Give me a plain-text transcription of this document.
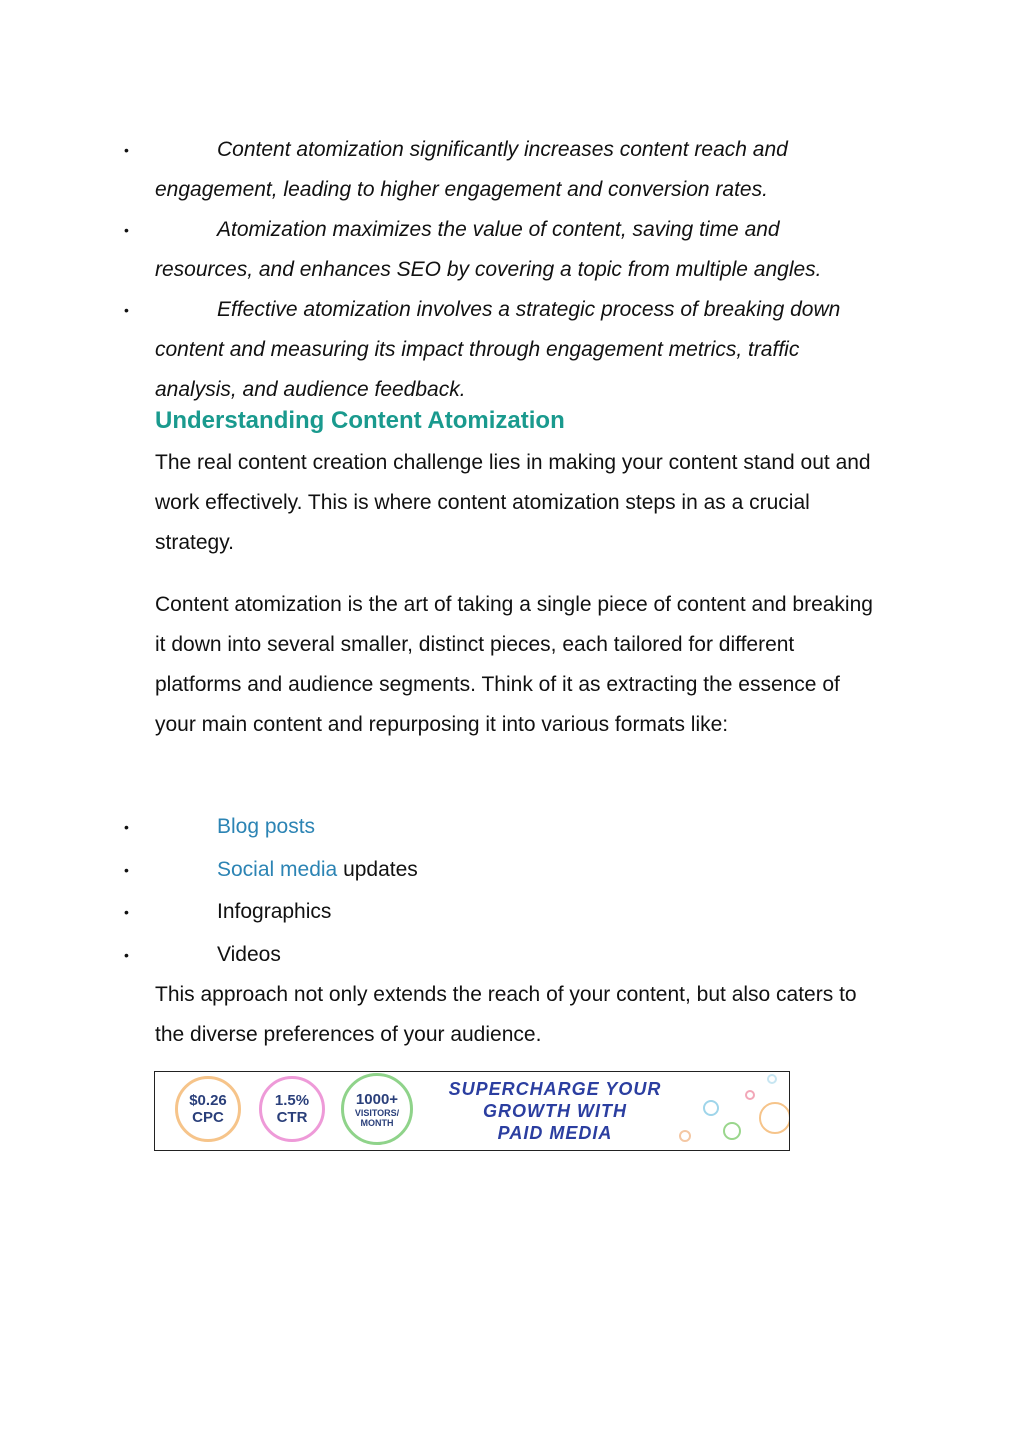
•	Content atomization significantly increases content reach and engagement, leading to higher engagement and conversion rates.
•	Atomization maximizes the value of content, saving time and resources, and enhances SEO by covering a topic from multiple angles.
•	Effective atomization involves a strategic process of breaking down content and measuring its impact through engagement metrics, traffic analysis, and audience feedback.
Understanding Content Atomization

The real content creation challenge lies in making your content stand out and work effectively. This is where content atomization steps in as a crucial strategy.

Content atomization is the art of taking a single piece of content and breaking it down into several smaller, distinct pieces, each tailored for different platforms and audience segments. Think of it as extracting the essence of your main content and repurposing it into various formats like:

•	Blog posts
•	Social media updates
•	Infographics
•	Videos

This approach not only extends the reach of your content, but also caters to the diverse preferences of your audience.

$0.26
CPC
1.5%
CTR
1000+
VISITORS/
MONTH
SUPERCHARGE YOUR
GROWTH WITH
PAID MEDIA
